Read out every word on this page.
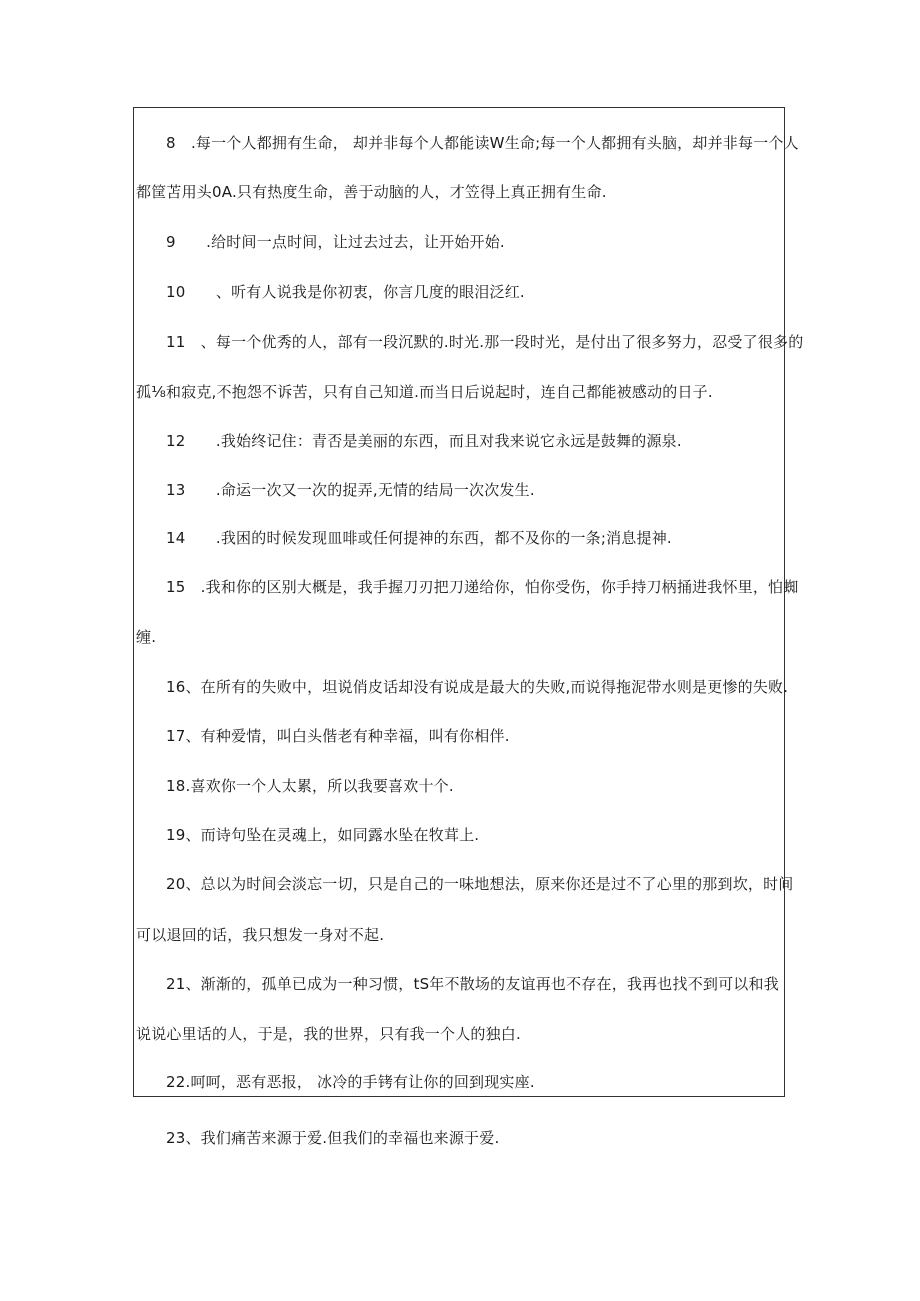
8　.每一个人都拥有生命， 却并非每个人都能读W生命;每一个人都拥有头脑，却并非每一个人
都筐苫用头0A.只有热度生命，善于动脑的人，才笠得上真正拥有生命.
9　　.给时间一点时间，让过去过去，让开始开始.
10　　、听有人说我是你初衷，你言几度的眼泪泛红.
11　、每一个优秀的人，部有一段沉默的.时光.那一段时光，是付出了很多努力，忍受了很多的
孤⅛和寂克,不抱怨不诉苦，只有自己知道.而当日后说起时，连自己都能被感动的日子.
12　　.我始终记住：青否是美丽的东西，而且对我来说它永远是鼓舞的源泉.
13　　.命运一次又一次的捉弄,无情的结局一次次发生.
14　　.我困的时候发现皿啡或任何提神的东西，都不及你的一条;消息提神.
15　.我和你的区别大概是，我手握刀刃把刀递给你，怕你受伤，你手持刀柄捅进我怀里，怕蜘
缠.
16、在所有的失败中，坦说俏皮话却没有说成是最大的失败,而说得拖泥带水则是更惨的失败.
17、有种爱情，叫白头偕老有种幸福，叫有你相伴.
18.喜欢你一个人太累，所以我要喜欢十个.
19、而诗句坠在灵魂上，如同露水坠在牧茸上.
20、总以为时间会淡忘一切，只是自己的一味地想法，原来你还是过不了心里的那到坎，时间
可以退回的话，我只想发一身对不起.
21、渐渐的，孤单已成为一种习惯，tS年不散场的友谊再也不存在，我再也找不到可以和我
说说心里话的人，于是，我的世界，只有我一个人的独白.
22.呵呵，恶有恶报， 冰冷的手铐有让你的回到现实座.
23、我们痛苦来源于爱.但我们的幸福也来源于爱.
